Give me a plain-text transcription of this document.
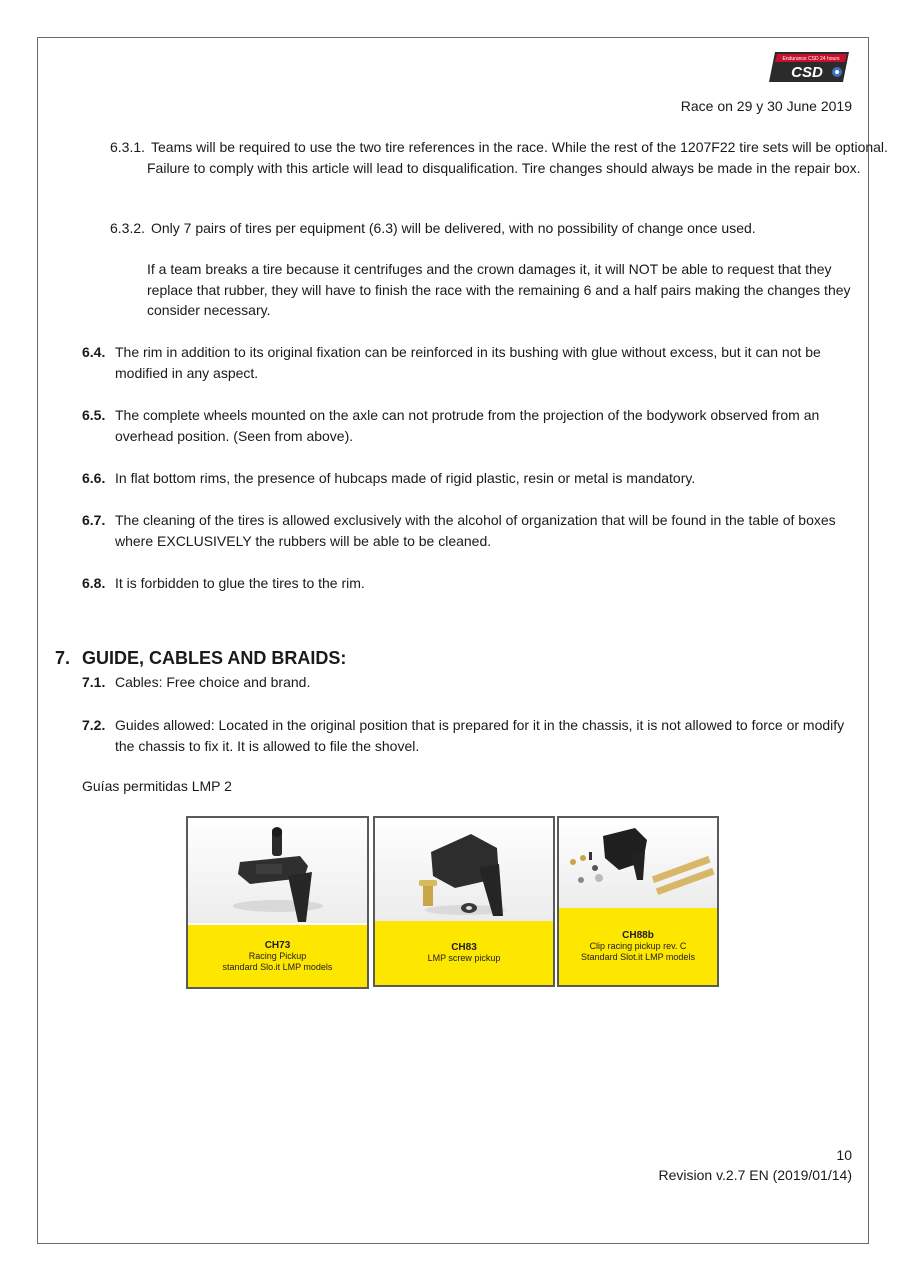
Endurance CSD 24 hours
CSD
Race on 29 y 30 June 2019
6.3.1. Teams will be required to use the two tire references in the race. While the rest of the 1207F22 tire sets will be optional. Failure to comply with this article will lead to disqualification. Tire changes should always be made in the repair box.
6.3.2. Only 7 pairs of tires per equipment (6.3) will be delivered, with no possibility of change once used.
If a team breaks a tire because it centrifuges and the crown damages it, it will NOT be able to request that they replace that rubber, they will have to finish the race with the remaining 6 and a half pairs making the changes they consider necessary.
6.4. The rim in addition to its original fixation can be reinforced in its bushing with glue without excess, but it can not be modified in any aspect.
6.5. The complete wheels mounted on the axle can not protrude from the projection of the bodywork observed from an overhead position. (Seen from above).
6.6. In flat bottom rims, the presence of hubcaps made of rigid plastic, resin or metal is mandatory.
6.7. The cleaning of the tires is allowed exclusively with the alcohol of organization that will be found in the table of boxes where EXCLUSIVELY the rubbers will be able to be cleaned.
6.8. It is forbidden to glue the tires to the rim.
7. GUIDE, CABLES AND BRAIDS:
7.1. Cables: Free choice and brand.
7.2. Guides allowed: Located in the original position that is prepared for it in the chassis, it is not allowed to force or modify the chassis to fix it. It is allowed to file the shovel.
Guías permitidas LMP 2
CH73
Racing Pickup
standard Slo.it LMP models
CH83
LMP screw pickup
CH88b
Clip racing pickup rev. C
Standard Slot.it LMP models
10
Revision v.2.7 EN (2019/01/14)
